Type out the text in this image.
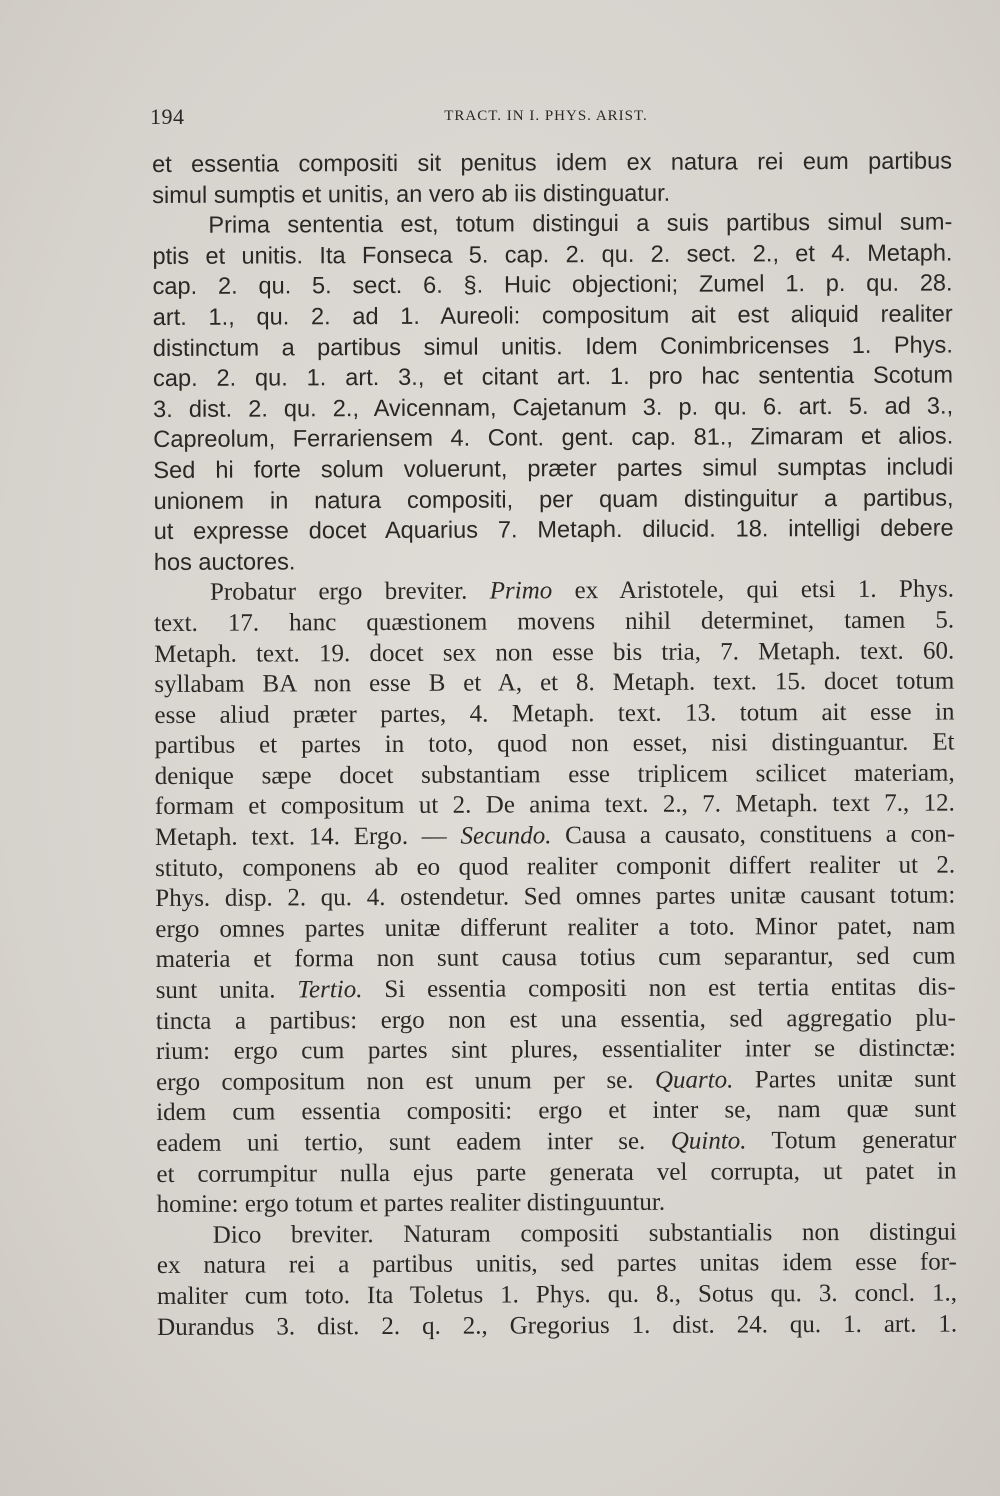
194	TRACT. IN I. PHYS. ARIST.
et essentia compositi sit penitus idem ex natura rei eum partibus
simul sumptis et unitis, an vero ab iis distinguatur.
Prima sententia est, totum distingui a suis partibus simul sum-
ptis et unitis. Ita Fonseca 5. cap. 2. qu. 2. sect. 2., et 4. Metaph.
cap. 2. qu. 5. sect. 6. §. Huic objectioni; Zumel 1. p. qu. 28.
art. 1., qu. 2. ad 1. Aureoli: compositum ait est aliquid realiter
distinctum a partibus simul unitis. Idem Conimbricenses 1. Phys.
cap. 2. qu. 1. art. 3., et citant art. 1. pro hac sententia Scotum
3. dist. 2. qu. 2., Avicennam, Cajetanum 3. p. qu. 6. art. 5. ad 3.,
Capreolum, Ferrariensem 4. Cont. gent. cap. 81., Zimaram et alios.
Sed hi forte solum voluerunt, præter partes simul sumptas includi
unionem in natura compositi, per quam distinguitur a partibus,
ut expresse docet Aquarius 7. Metaph. dilucid. 18. intelligi debere
hos auctores.
Probatur ergo breviter. Primo ex Aristotele, qui etsi 1. Phys.
text. 17. hanc quæstionem movens nihil determinet, tamen 5.
Metaph. text. 19. docet sex non esse bis tria, 7. Metaph. text. 60.
syllabam BA non esse B et A, et 8. Metaph. text. 15. docet totum
esse aliud præter partes, 4. Metaph. text. 13. totum ait esse in
partibus et partes in toto, quod non esset, nisi distinguantur. Et
denique sæpe docet substantiam esse triplicem scilicet materiam,
formam et compositum ut 2. De anima text. 2., 7. Metaph. text 7., 12.
Metaph. text. 14. Ergo. — Secundo. Causa a causato, constituens a con-
stituto, componens ab eo quod realiter componit differt realiter ut 2.
Phys. disp. 2. qu. 4. ostendetur. Sed omnes partes unitæ causant totum:
ergo omnes partes unitæ differunt realiter a toto. Minor patet, nam
materia et forma non sunt causa totius cum separantur, sed cum
sunt unita. Tertio. Si essentia compositi non est tertia entitas dis-
tincta a partibus: ergo non est una essentia, sed aggregatio plu-
rium: ergo cum partes sint plures, essentialiter inter se distinctæ:
ergo compositum non est unum per se. Quarto. Partes unitæ sunt
idem cum essentia compositi: ergo et inter se, nam quæ sunt
eadem uni tertio, sunt eadem inter se. Quinto. Totum generatur
et corrumpitur nulla ejus parte generata vel corrupta, ut patet in
homine: ergo totum et partes realiter distinguuntur.
Dico breviter. Naturam compositi substantialis non distingui
ex natura rei a partibus unitis, sed partes unitas idem esse for-
maliter cum toto. Ita Toletus 1. Phys. qu. 8., Sotus qu. 3. concl. 1.,
Durandus 3. dist. 2. q. 2., Gregorius 1. dist. 24. qu. 1. art. 1.
